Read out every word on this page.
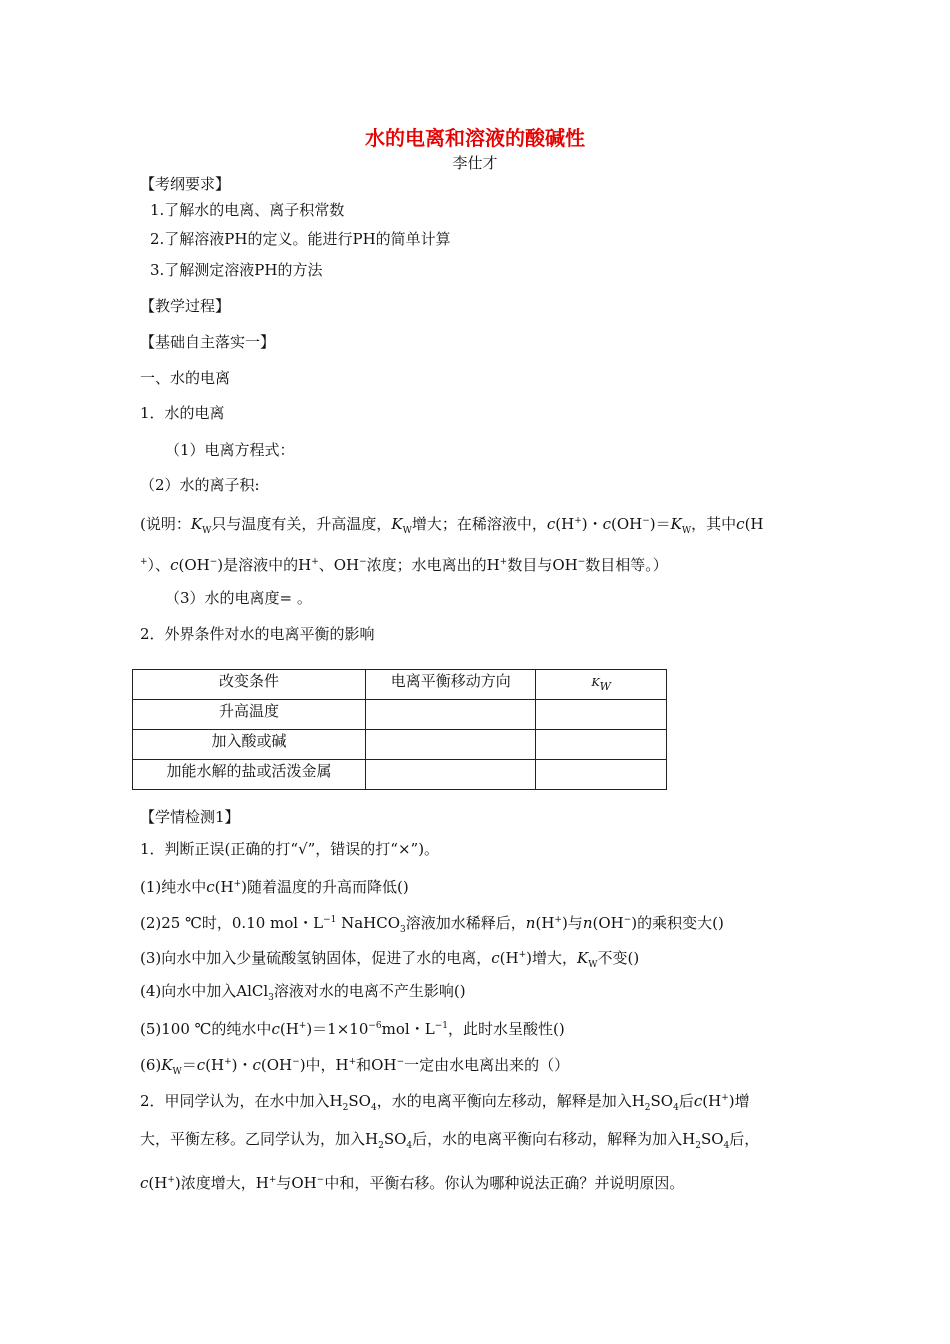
水的电离和溶液的酸碱性
李仕才
【考纲要求】
1.了解水的电离、离子积常数
2.了解溶液PH的定义。能进行PH的简单计算
3.了解测定溶液PH的方法
【教学过程】
【基础自主落实一】
一、水的电离
1．水的电离
（1）电离方程式：
（2）水的离子积:
(说明：$K_W$只与温度有关，升高温度，$K_W$增大；在稀溶液中，c(H+)・$c(OH^-)=K_W$，其中c(H
+）、c(OH−)是溶液中的H+、OH−浓度；水电离出的H+数目与OH−数目相等。）
（3）水的电离度= 。
2．外界条件对水的电离平衡的影响
改变条件	电离平衡移动方向	$K_W$
升高温度		
加入酸或碱		
加能水解的盐或活泼金属		
【学情检测1】
1．判断正误(正确的打“√”，错误的打“×”)。
(1)纯水中c(H+)随着温度的升高而降低()
(2)25 ℃时，0.10 mol・$L^{-1}$ NaHCO$_3$溶液加水稀释后，n(H+)与n(OH−)的乘积变大()
(3)向水中加入少量硫酸氢钠固体，促进了水的电离，c(H+)增大，$K_W$不变()
(4)向水中加入AlCl$_3$溶液对水的电离不产生影响()
(5)100 ℃的纯水中$c(H^+)=1\times 10^{-6}mol$・$L^{-1}$，此时水呈酸性()
$(6)K_W=c(H^+)$・c(OH−)中，H+和OH−一定由水电离出来的（）
2．甲同学认为，在水中加入$H_2SO_4$，水的电离平衡向左移动，解释是加入$H_2SO_4$后c(H+)增
大，平衡左移。乙同学认为，加入$H_2SO_4$后，水的电离平衡向右移动，解释为加入$H_2SO_4$后，
c(H+)浓度增大，H+与OH−中和，平衡右移。你认为哪种说法正确？并说明原因。
